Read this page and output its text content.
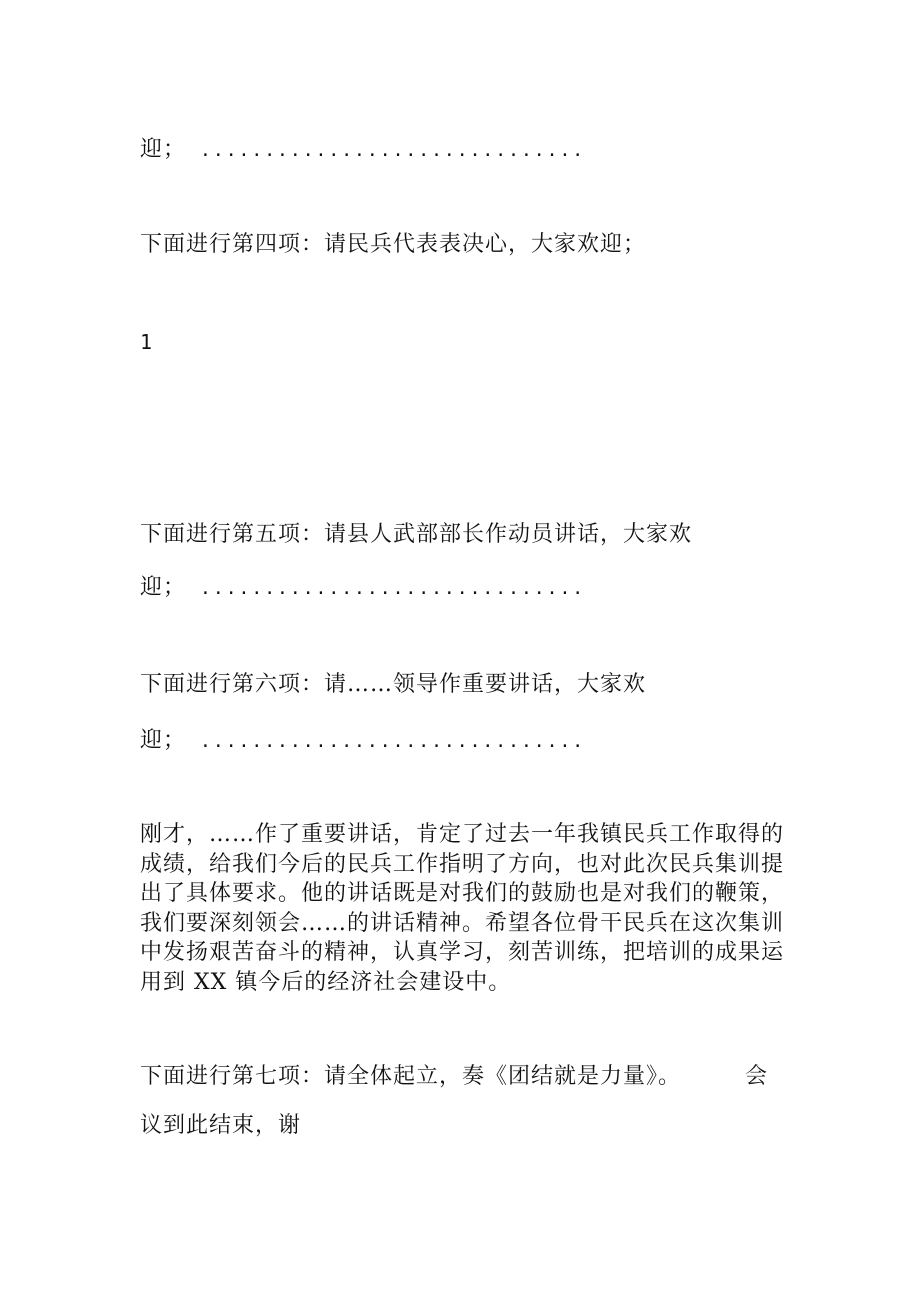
迎； ..............................
下面进行第四项：请民兵代表表决心，大家欢迎；
1
下面进行第五项：请县人武部部长作动员讲话，大家欢
迎； ..............................
下面进行第六项：请……领导作重要讲话，大家欢
迎； ..............................
刚才，……作了重要讲话，肯定了过去一年我镇民兵工作取得的
成绩，给我们今后的民兵工作指明了方向，也对此次民兵集训提
出了具体要求。他的讲话既是对我们的鼓励也是对我们的鞭策，
我们要深刻领会……的讲话精神。希望各位骨干民兵在这次集训
中发扬艰苦奋斗的精神，认真学习，刻苦训练，把培训的成果运
用到 XX 镇今后的经济社会建设中。
下面进行第七项：请全体起立，奏《团结就是力量》。	会
议到此结束，谢
